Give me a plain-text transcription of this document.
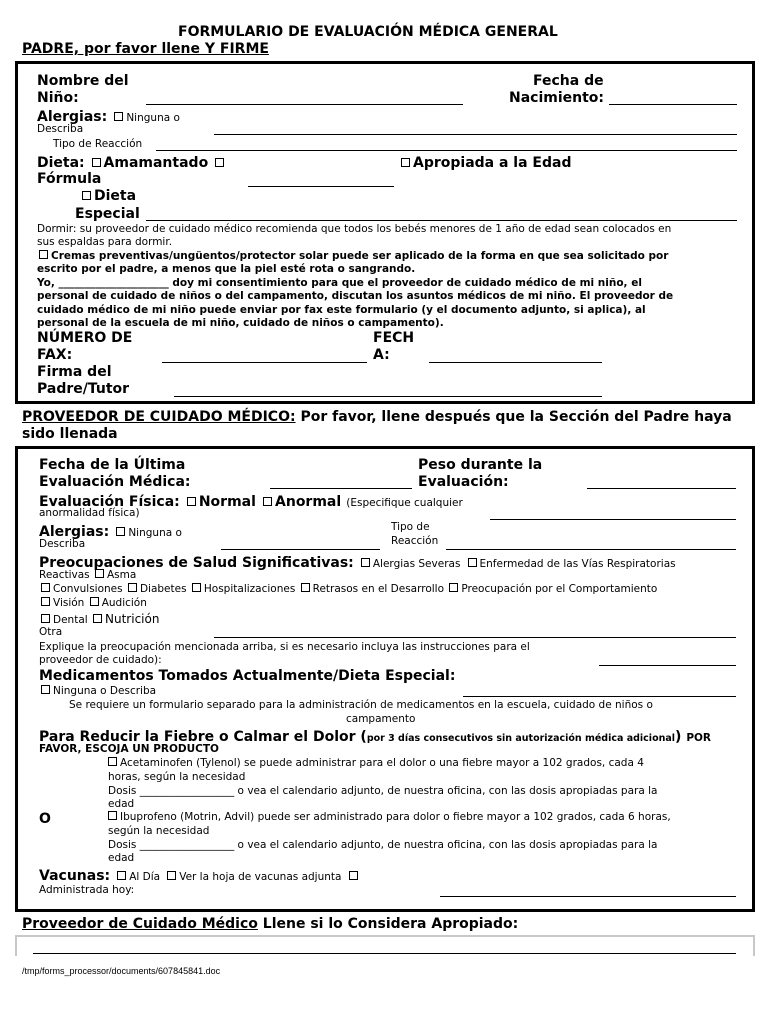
FORMULARIO DE EVALUACIÓN MÉDICA GENERAL
PADRE, por favor llene Y FIRME
Nombre del
Niño:
Fecha de
Nacimiento:
Alergias: Ninguna o
Describa
Tipo de Reacción
Dieta: Amamantado
Fórmula
Apropiada a la Edad
Dieta
Especial
Dormir: su proveedor de cuidado médico recomienda que todos los bebés menores de 1 año de edad sean colocados en
sus espaldas para dormir.
Cremas preventivas/ungüentos/protector solar puede ser aplicado de la forma en que sea solicitado por
escrito por el padre, a menos que la piel esté rota o sangrando.
Yo, _____________________ doy mi consentimiento para que el proveedor de cuidado médico de mi niño, el
personal de cuidado de niños o del campamento, discutan los asuntos médicos de mi niño. El proveedor de
cuidado médico de mi niño puede enviar por fax este formulario (y el documento adjunto, si aplica), al
personal de la escuela de mi niño, cuidado de niños o campamento).
NÚMERO DE
FAX:
FECH
A:
Firma del
Padre/Tutor
PROVEEDOR DE CUIDADO MÉDICO: Por favor, llene después que la Sección del Padre haya
sido llenada
Fecha de la Última
Evaluación Médica:
Peso durante la
Evaluación:
Evaluación Física: Normal Anormal (Especifique cualquier
anormalidad física)
Alergias: Ninguna o
Describa
Tipo de
Reacción
Preocupaciones de Salud Significativas: Alergias Severas Enfermedad de las Vías Respiratorias
Reactivas Asma
Convulsiones Diabetes Hospitalizaciones Retrasos en el Desarrollo Preocupación por el Comportamiento
Visión Audición
Dental Nutrición
Otra
Explique la preocupación mencionada arriba, si es necesario incluya las instrucciones para el
proveedor de cuidado):
Medicamentos Tomados Actualmente/Dieta Especial:
Ninguna o Describa
Se requiere un formulario separado para la administración de medicamentos en la escuela, cuidado de niños o
campamento
Para Reducir la Fiebre o Calmar el Dolor (por 3 días consecutivos sin autorización médica adicional) POR
FAVOR, ESCOJA UN PRODUCTO
Acetaminofen (Tylenol) se puede administrar para el dolor o una fiebre mayor a 102 grados, cada 4
horas, según la necesidad
Dosis __________________ o vea el calendario adjunto, de nuestra oficina, con las dosis apropiadas para la
edad
O	Ibuprofeno (Motrin, Advil) puede ser administrado para dolor o fiebre mayor a 102 grados, cada 6 horas,
según la necesidad
Dosis __________________ o vea el calendario adjunto, de nuestra oficina, con las dosis apropiadas para la
edad
Vacunas: Al Día Ver la hoja de vacunas adjunta
Administrada hoy:
Proveedor de Cuidado Médico Llene si lo Considera Apropiado:
/tmp/forms_processor/documents/607845841.doc
